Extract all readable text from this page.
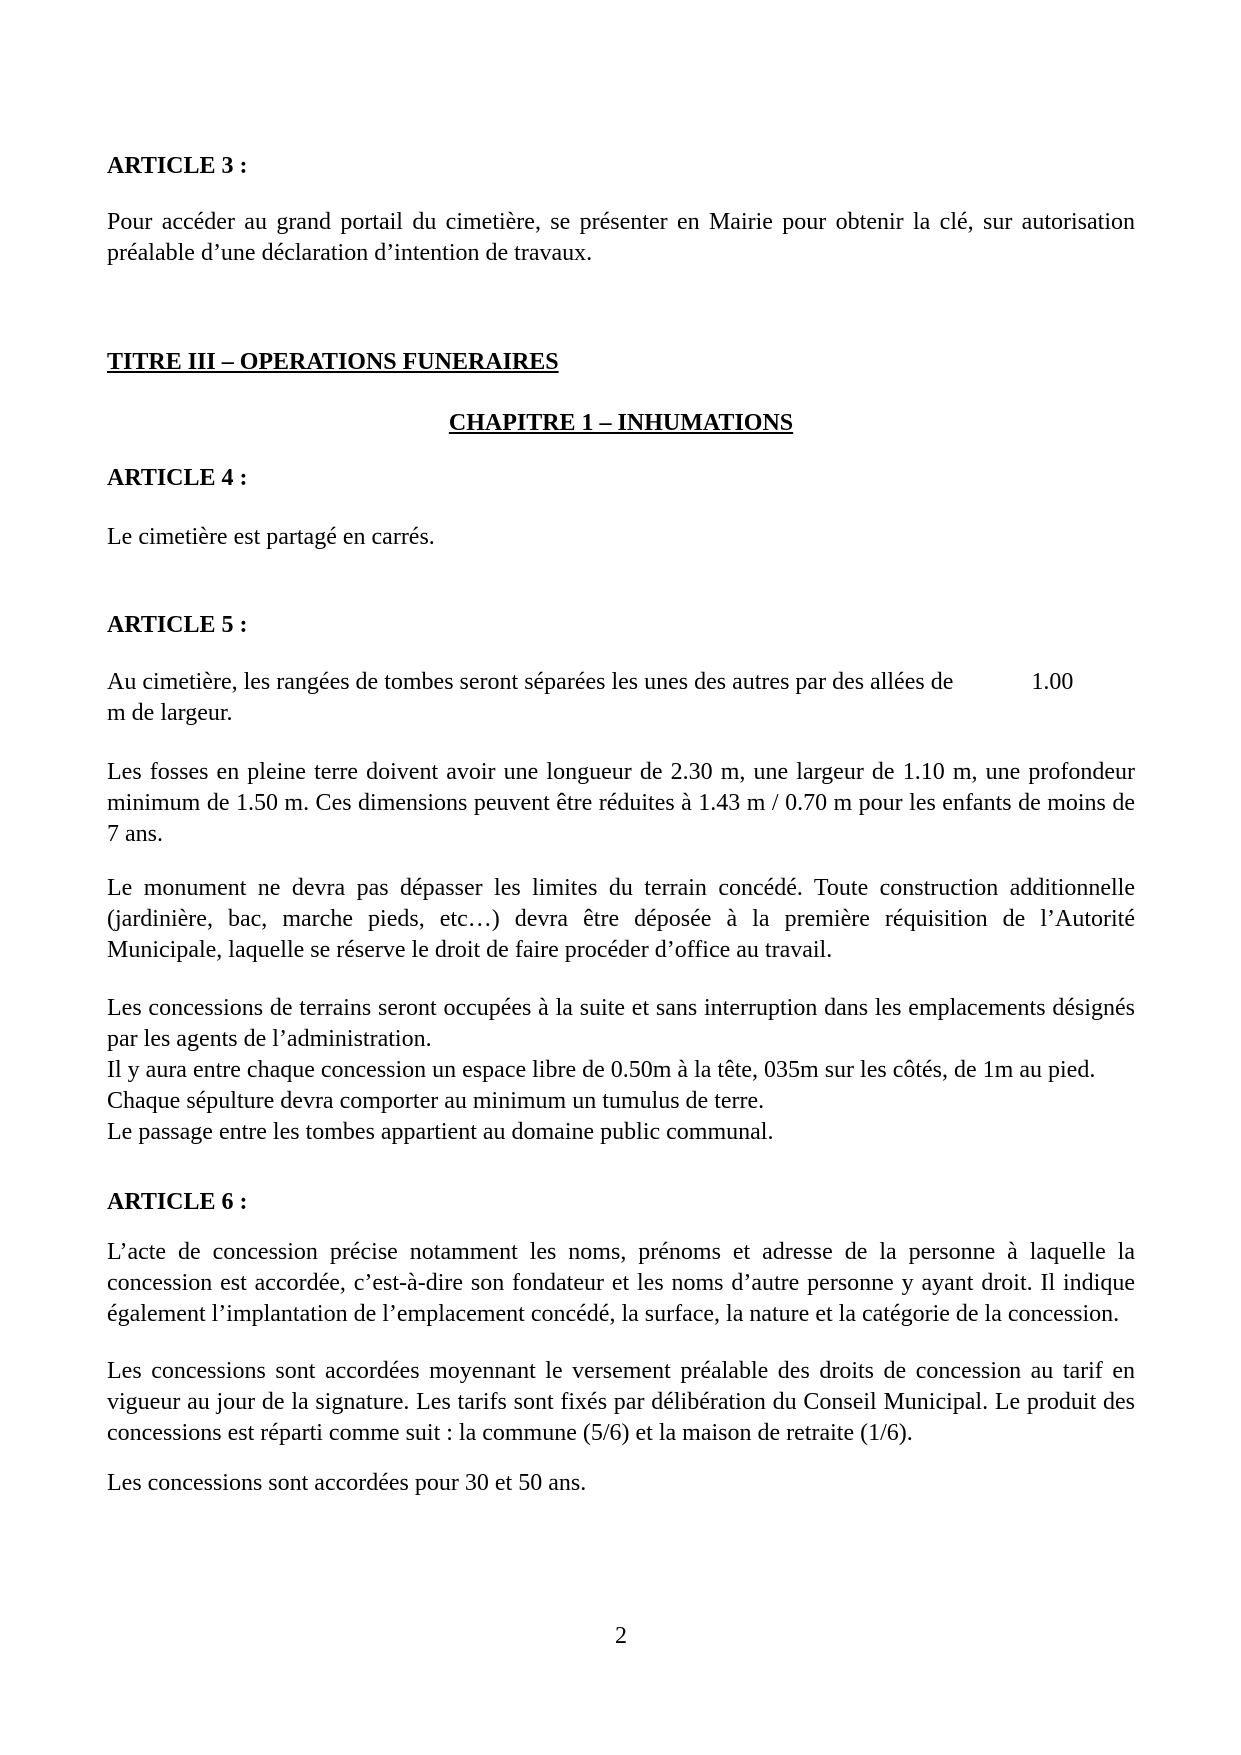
ARTICLE 3 :

Pour accéder au grand portail du cimetière, se présenter en Mairie pour obtenir la clé, sur autorisation préalable d’une déclaration d’intention de travaux.

TITRE III – OPERATIONS FUNERAIRES

CHAPITRE 1 – INHUMATIONS

ARTICLE 4 :

Le cimetière est partagé en carrés.

ARTICLE 5 :

Au cimetière, les rangées de tombes seront séparées les unes des autres par des allées de	1.00
m de largeur.

Les fosses en pleine terre doivent avoir une longueur de 2.30 m, une largeur de 1.10 m, une profondeur minimum de 1.50 m. Ces dimensions peuvent être réduites à 1.43 m / 0.70 m pour les enfants de moins de 7 ans.

Le monument ne devra pas dépasser les limites du terrain concédé. Toute construction additionnelle (jardinière, bac, marche pieds, etc…) devra être déposée à la première réquisition de l’Autorité Municipale, laquelle se réserve le droit de faire procéder d’office au travail.

Les concessions de terrains seront occupées à la suite et sans interruption dans les emplacements désignés par les agents de l’administration.
Il y aura entre chaque concession un espace libre de 0.50m à la tête, 035m sur les côtés, de 1m au pied.
Chaque sépulture devra comporter au minimum un tumulus de terre.
Le passage entre les tombes appartient au domaine public communal.

ARTICLE 6 :

L’acte de concession précise notamment les noms, prénoms et adresse de la personne à laquelle la concession est accordée, c’est-à-dire son fondateur et les noms d’autre personne y ayant droit. Il indique également l’implantation de l’emplacement concédé, la surface, la nature et la catégorie de la concession.

Les concessions sont accordées moyennant le versement préalable des droits de concession au tarif en vigueur au jour de la signature. Les tarifs sont fixés par délibération du Conseil Municipal. Le produit des concessions est réparti comme suit : la commune (5/6) et la maison de retraite (1/6).

Les concessions sont accordées pour 30 et 50 ans.

2
